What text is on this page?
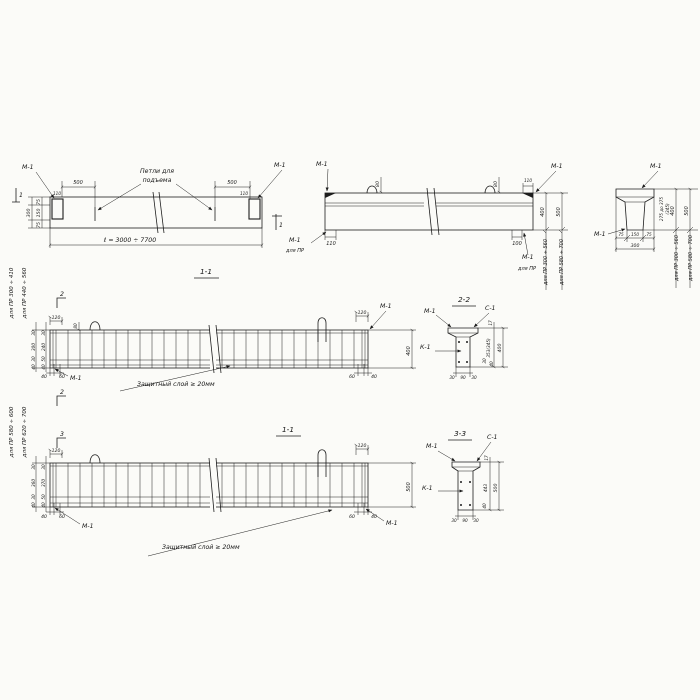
Петли для
подъема
500	500
110	110
75
150
75
300
М-1	М-1
ℓ = 3000 ÷ 7700
1
1
80	80
М-1	М-1
110
110
М-1
для ПР
100
М-1
для ПР
400 500
для ПР 300 ÷ 560 для ПР 580 ÷ 700
М-1
М-1	75 150 75
300
275 до 375 (345) 400 500
для ПР 300 ÷ 560 для ПР 580 ÷ 700
1-1
для ПР 300 ÷ 410 для ПР 440 ÷ 560	2
2
30
300
30
40
30
240
50
40
80
120
120
М-1
М-1
40	60	60	40
400
Защитный слой ≥ 20мм
2-2
М-1	С-1
К-1
17
353(345) 400
30
40
30 90 30
1-1
для ПР 580 ÷ 600 для ПР 620 ÷ 700	3
30
360
30
40
30
370
50
40
120
120
М-1	М-1
40	60	60	40
500
Защитный слой ≥ 20мм
3-3
М-1
С-1
К-1
17
443 500
40
30 90 30
